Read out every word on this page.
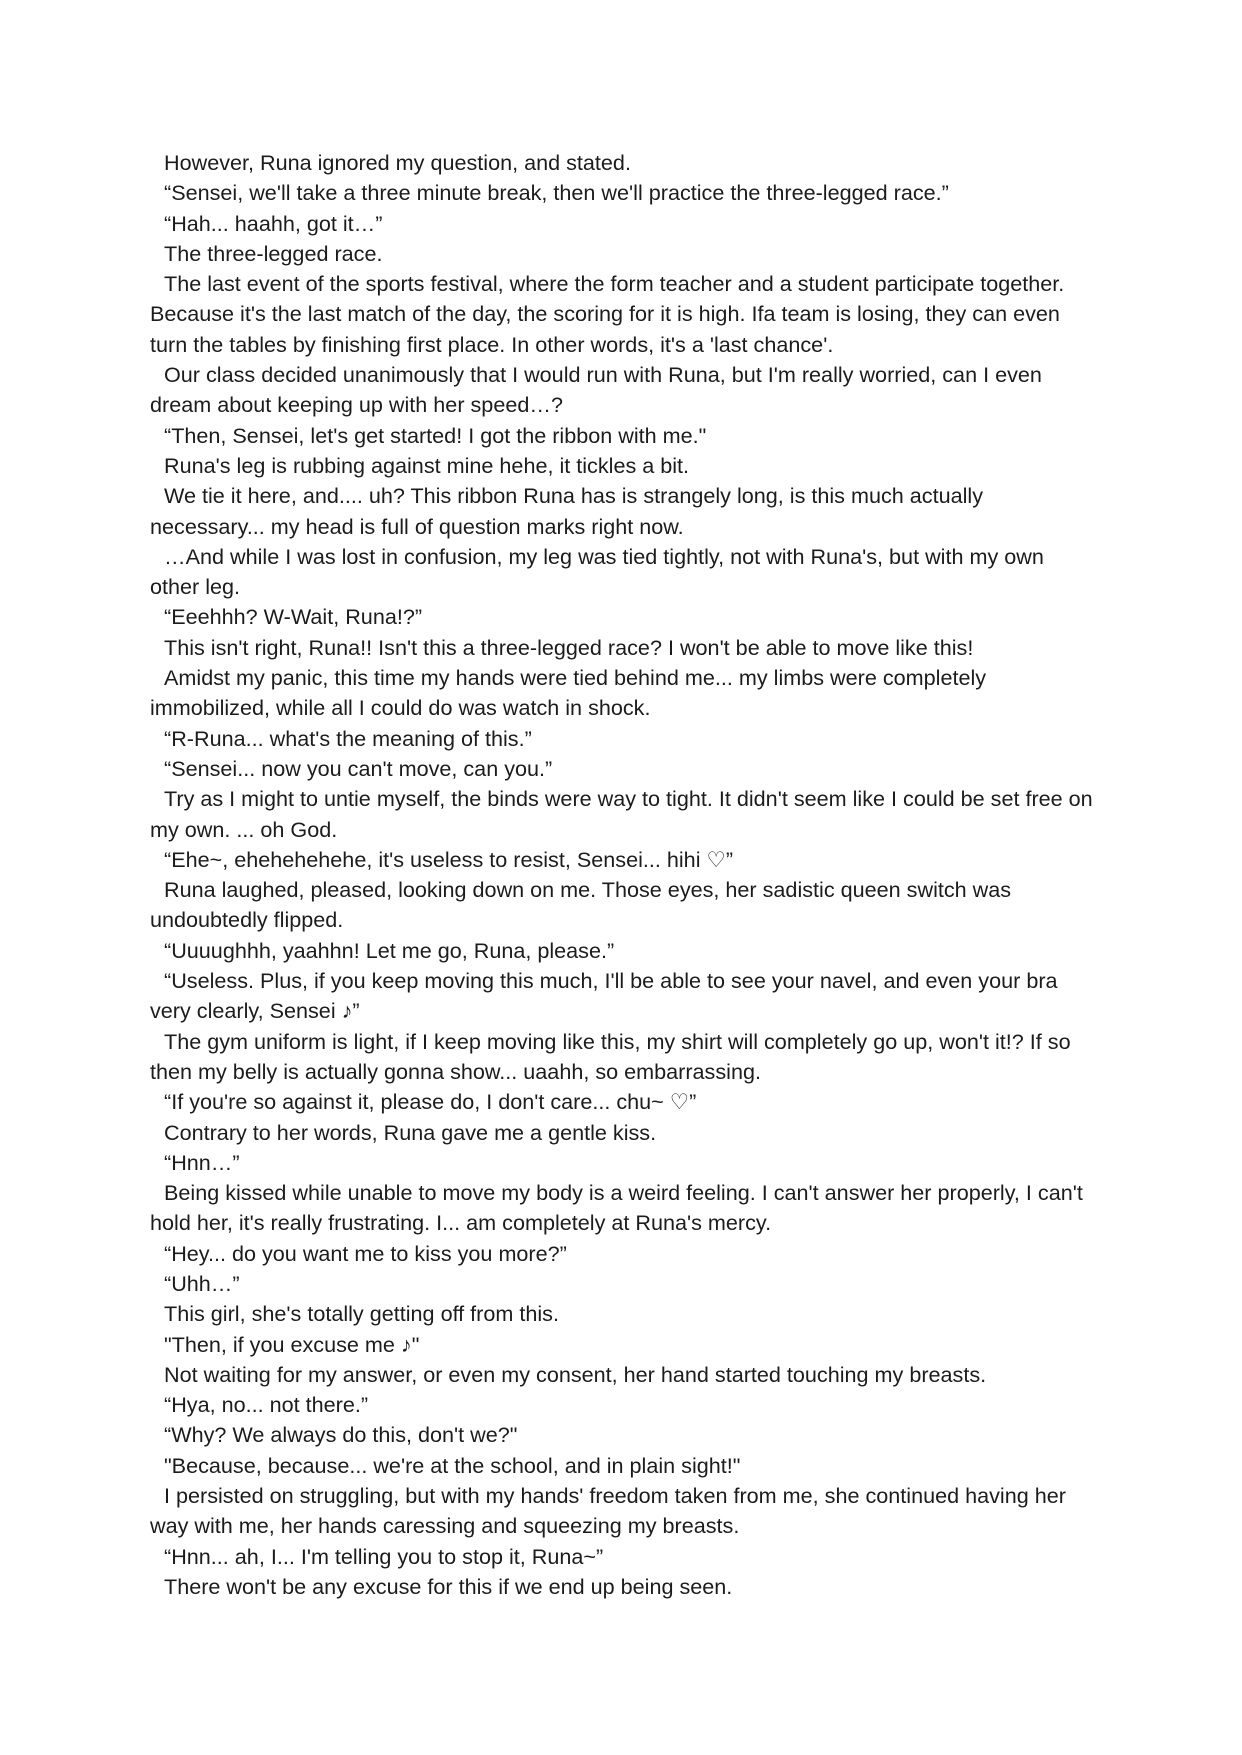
However, Runa ignored my question, and stated.

“Sensei, we'll take a three minute break, then we'll practice the three-legged race.”

“Hah... haahh, got it…”

The three-legged race.

The last event of the sports festival, where the form teacher and a student participate together. Because it's the last match of the day, the scoring for it is high. Ifa team is losing, they can even turn the tables by finishing first place. In other words, it's a 'last chance'.

Our class decided unanimously that I would run with Runa, but I'm really worried, can I even dream about keeping up with her speed…?

“Then, Sensei, let's get started! I got the ribbon with me."

Runa's leg is rubbing against mine hehe, it tickles a bit.

We tie it here, and.... uh? This ribbon Runa has is strangely long, is this much actually necessary... my head is full of question marks right now.

…And while I was lost in confusion, my leg was tied tightly, not with Runa's, but with my own other leg.

“Eeehhh? W-Wait, Runa!?”

This isn't right, Runa!! Isn't this a three-legged race? I won't be able to move like this!

Amidst my panic, this time my hands were tied behind me... my limbs were completely immobilized, while all I could do was watch in shock.

“R-Runa... what's the meaning of this.”

“Sensei... now you can't move, can you.”

Try as I might to untie myself, the binds were way to tight. It didn't seem like I could be set free on my own. ... oh God.

“Ehe~, ehehehehehe, it's useless to resist, Sensei... hihi ♡”

Runa laughed, pleased, looking down on me. Those eyes, her sadistic queen switch was undoubtedly flipped.

“Uuuughhh, yaahhn! Let me go, Runa, please.”

“Useless. Plus, if you keep moving this much, I'll be able to see your navel, and even your bra very clearly, Sensei ♪”

The gym uniform is light, if I keep moving like this, my shirt will completely go up, won't it!? If so then my belly is actually gonna show... uaahh, so embarrassing.

“If you're so against it, please do, I don't care... chu~ ♡”

Contrary to her words, Runa gave me a gentle kiss.

“Hnn…”

Being kissed while unable to move my body is a weird feeling. I can't answer her properly, I can't hold her, it's really frustrating. I... am completely at Runa's mercy.

“Hey... do you want me to kiss you more?”

“Uhh…”

This girl, she's totally getting off from this.

"Then, if you excuse me ♪"

Not waiting for my answer, or even my consent, her hand started touching my breasts.

“Hya, no... not there.”

“Why? We always do this, don't we?"

"Because, because... we're at the school, and in plain sight!"

I persisted on struggling, but with my hands' freedom taken from me, she continued having her way with me, her hands caressing and squeezing my breasts.

“Hnn... ah, I... I'm telling you to stop it, Runa~”

There won't be any excuse for this if we end up being seen.
